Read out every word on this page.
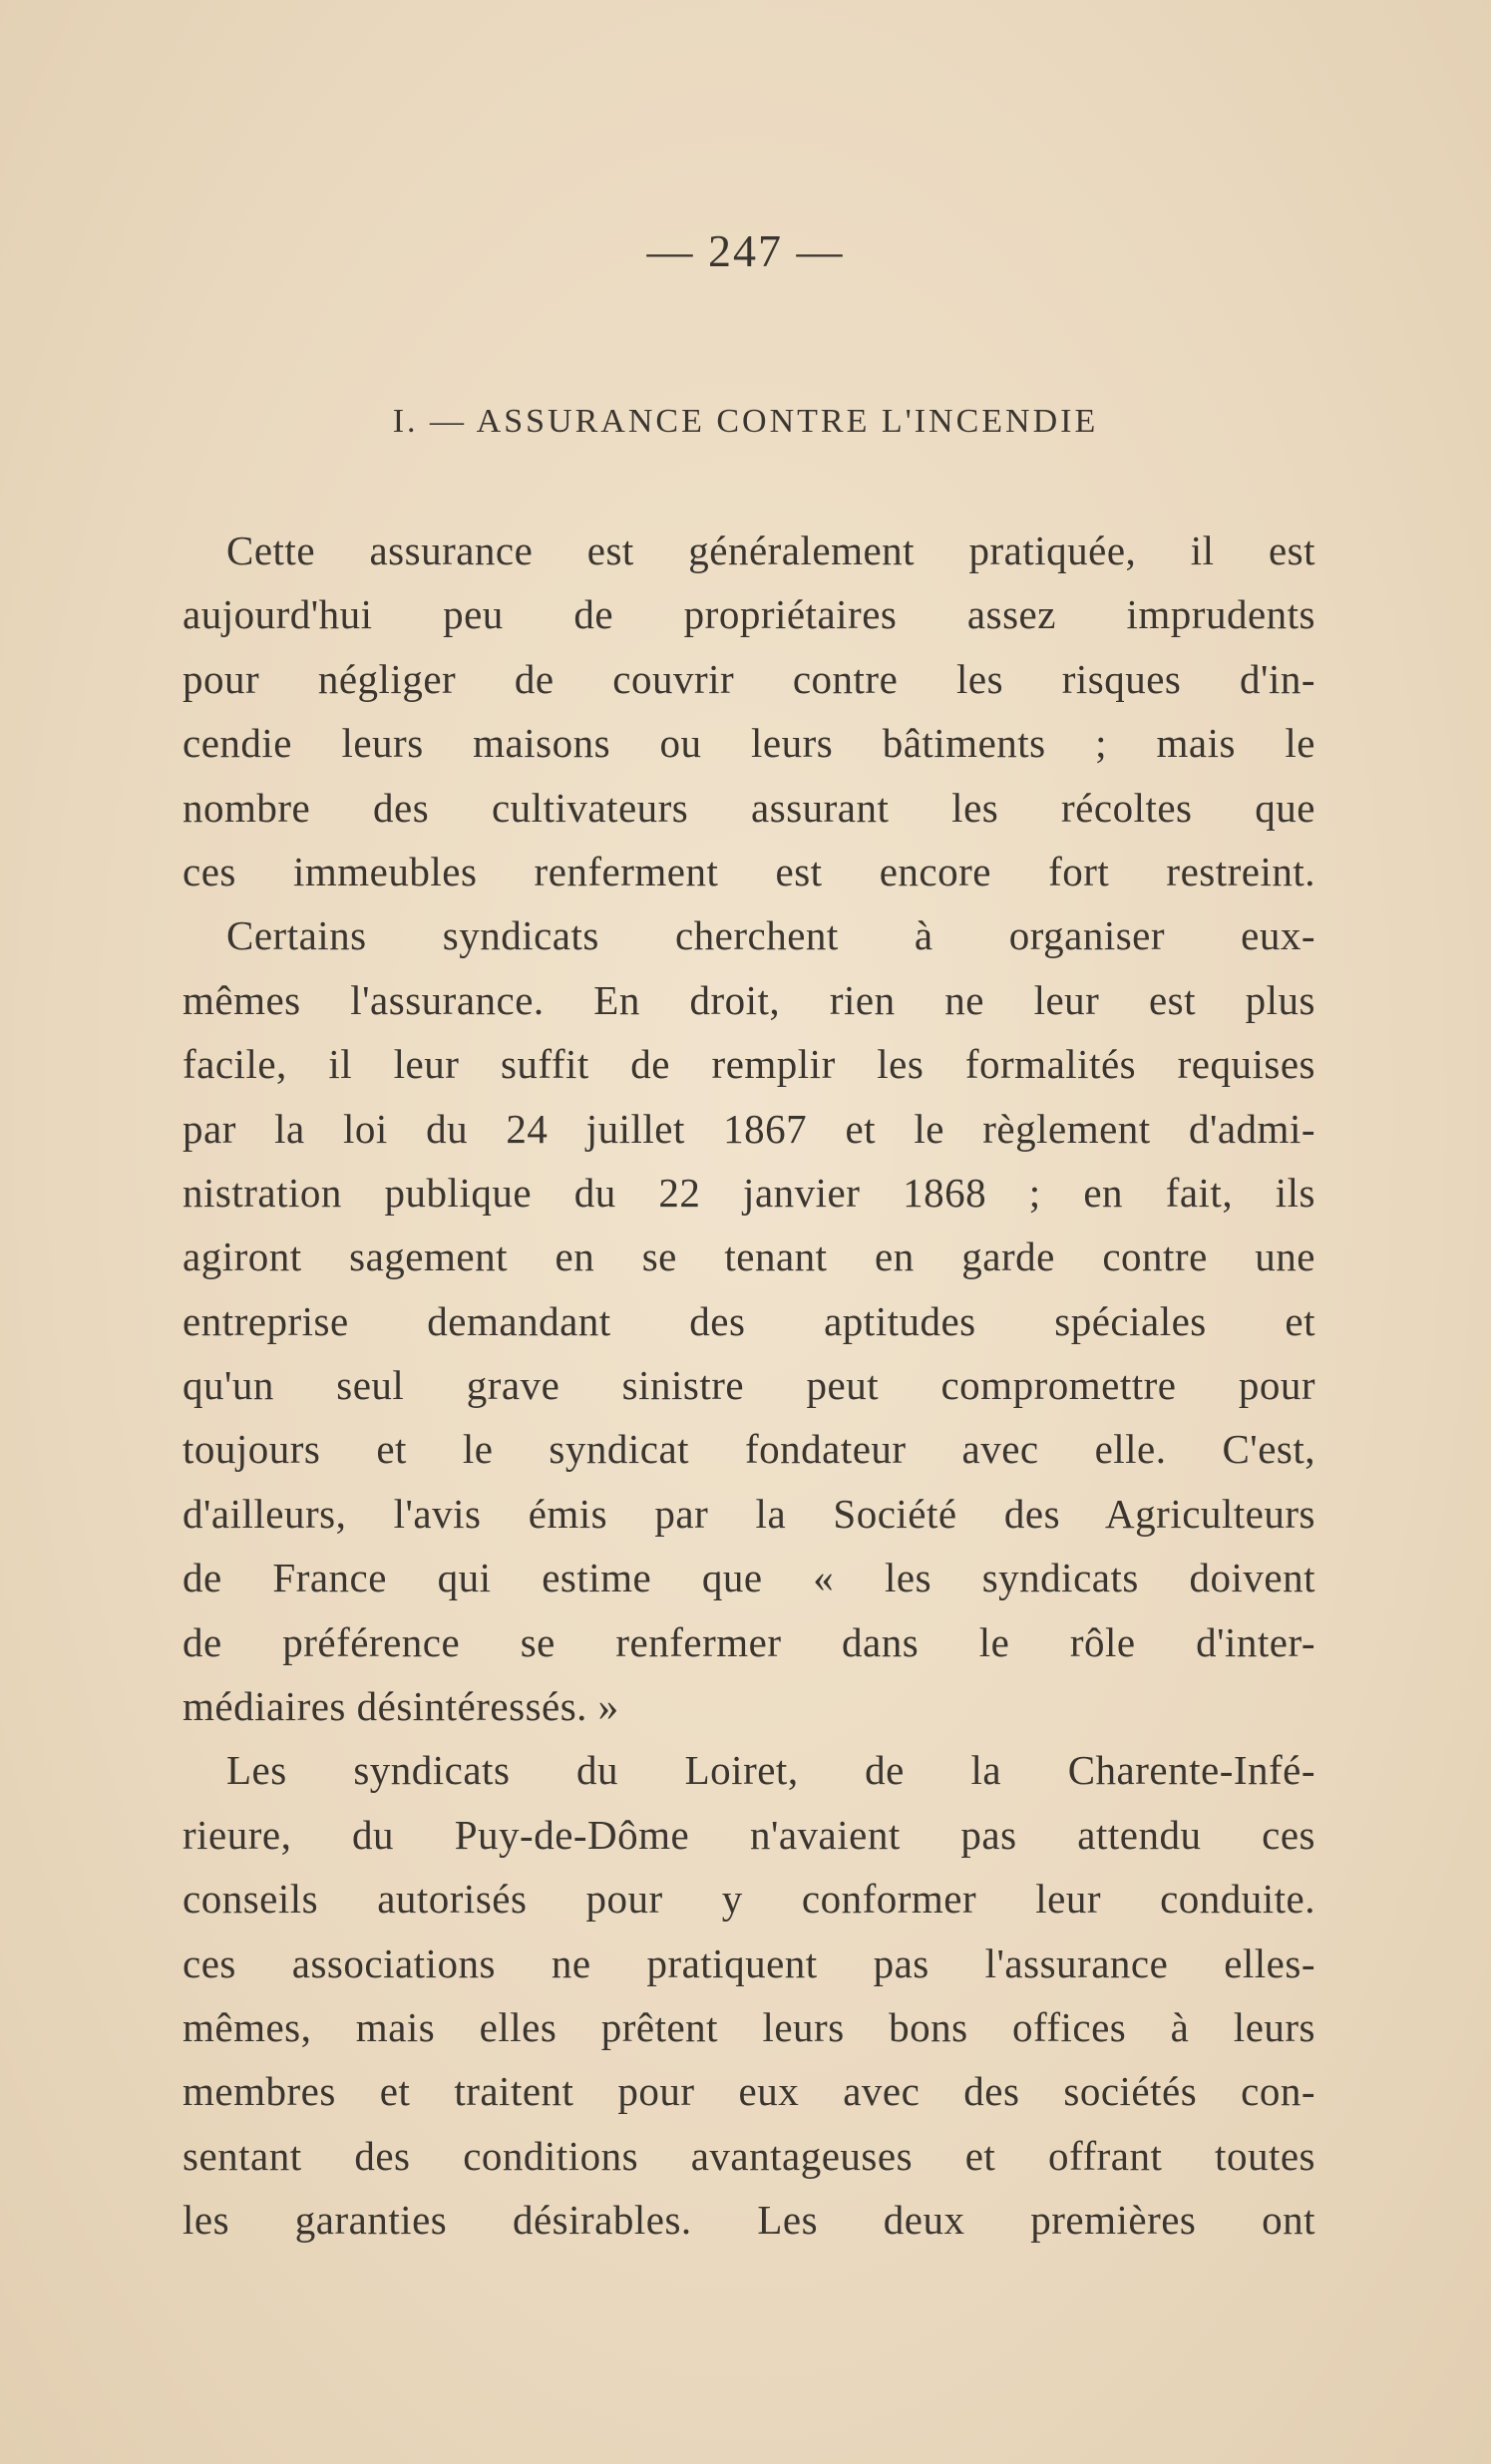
— 247 —
I. — ASSURANCE CONTRE L'INCENDIE
Cette assurance est généralement pratiquée, il est
aujourd'hui peu de propriétaires assez imprudents
pour négliger de couvrir contre les risques d'in-
cendie leurs maisons ou leurs bâtiments ; mais le
nombre des cultivateurs assurant les récoltes que
ces immeubles renferment est encore fort restreint.
Certains syndicats cherchent à organiser eux-
mêmes l'assurance. En droit, rien ne leur est plus
facile, il leur suffit de remplir les formalités requises
par la loi du 24 juillet 1867 et le règlement d'admi-
nistration publique du 22 janvier 1868 ; en fait, ils
agiront sagement en se tenant en garde contre une
entreprise demandant des aptitudes spéciales et
qu'un seul grave sinistre peut compromettre pour
toujours et le syndicat fondateur avec elle. C'est,
d'ailleurs, l'avis émis par la Société des Agriculteurs
de France qui estime que « les syndicats doivent
de préférence se renfermer dans le rôle d'inter-
médiaires désintéressés. »
Les syndicats du Loiret, de la Charente-Infé-
rieure, du Puy-de-Dôme n'avaient pas attendu ces
conseils autorisés pour y conformer leur conduite.
ces associations ne pratiquent pas l'assurance elles-
mêmes, mais elles prêtent leurs bons offices à leurs
membres et traitent pour eux avec des sociétés con-
sentant des conditions avantageuses et offrant toutes
les garanties désirables. Les deux premières ont
